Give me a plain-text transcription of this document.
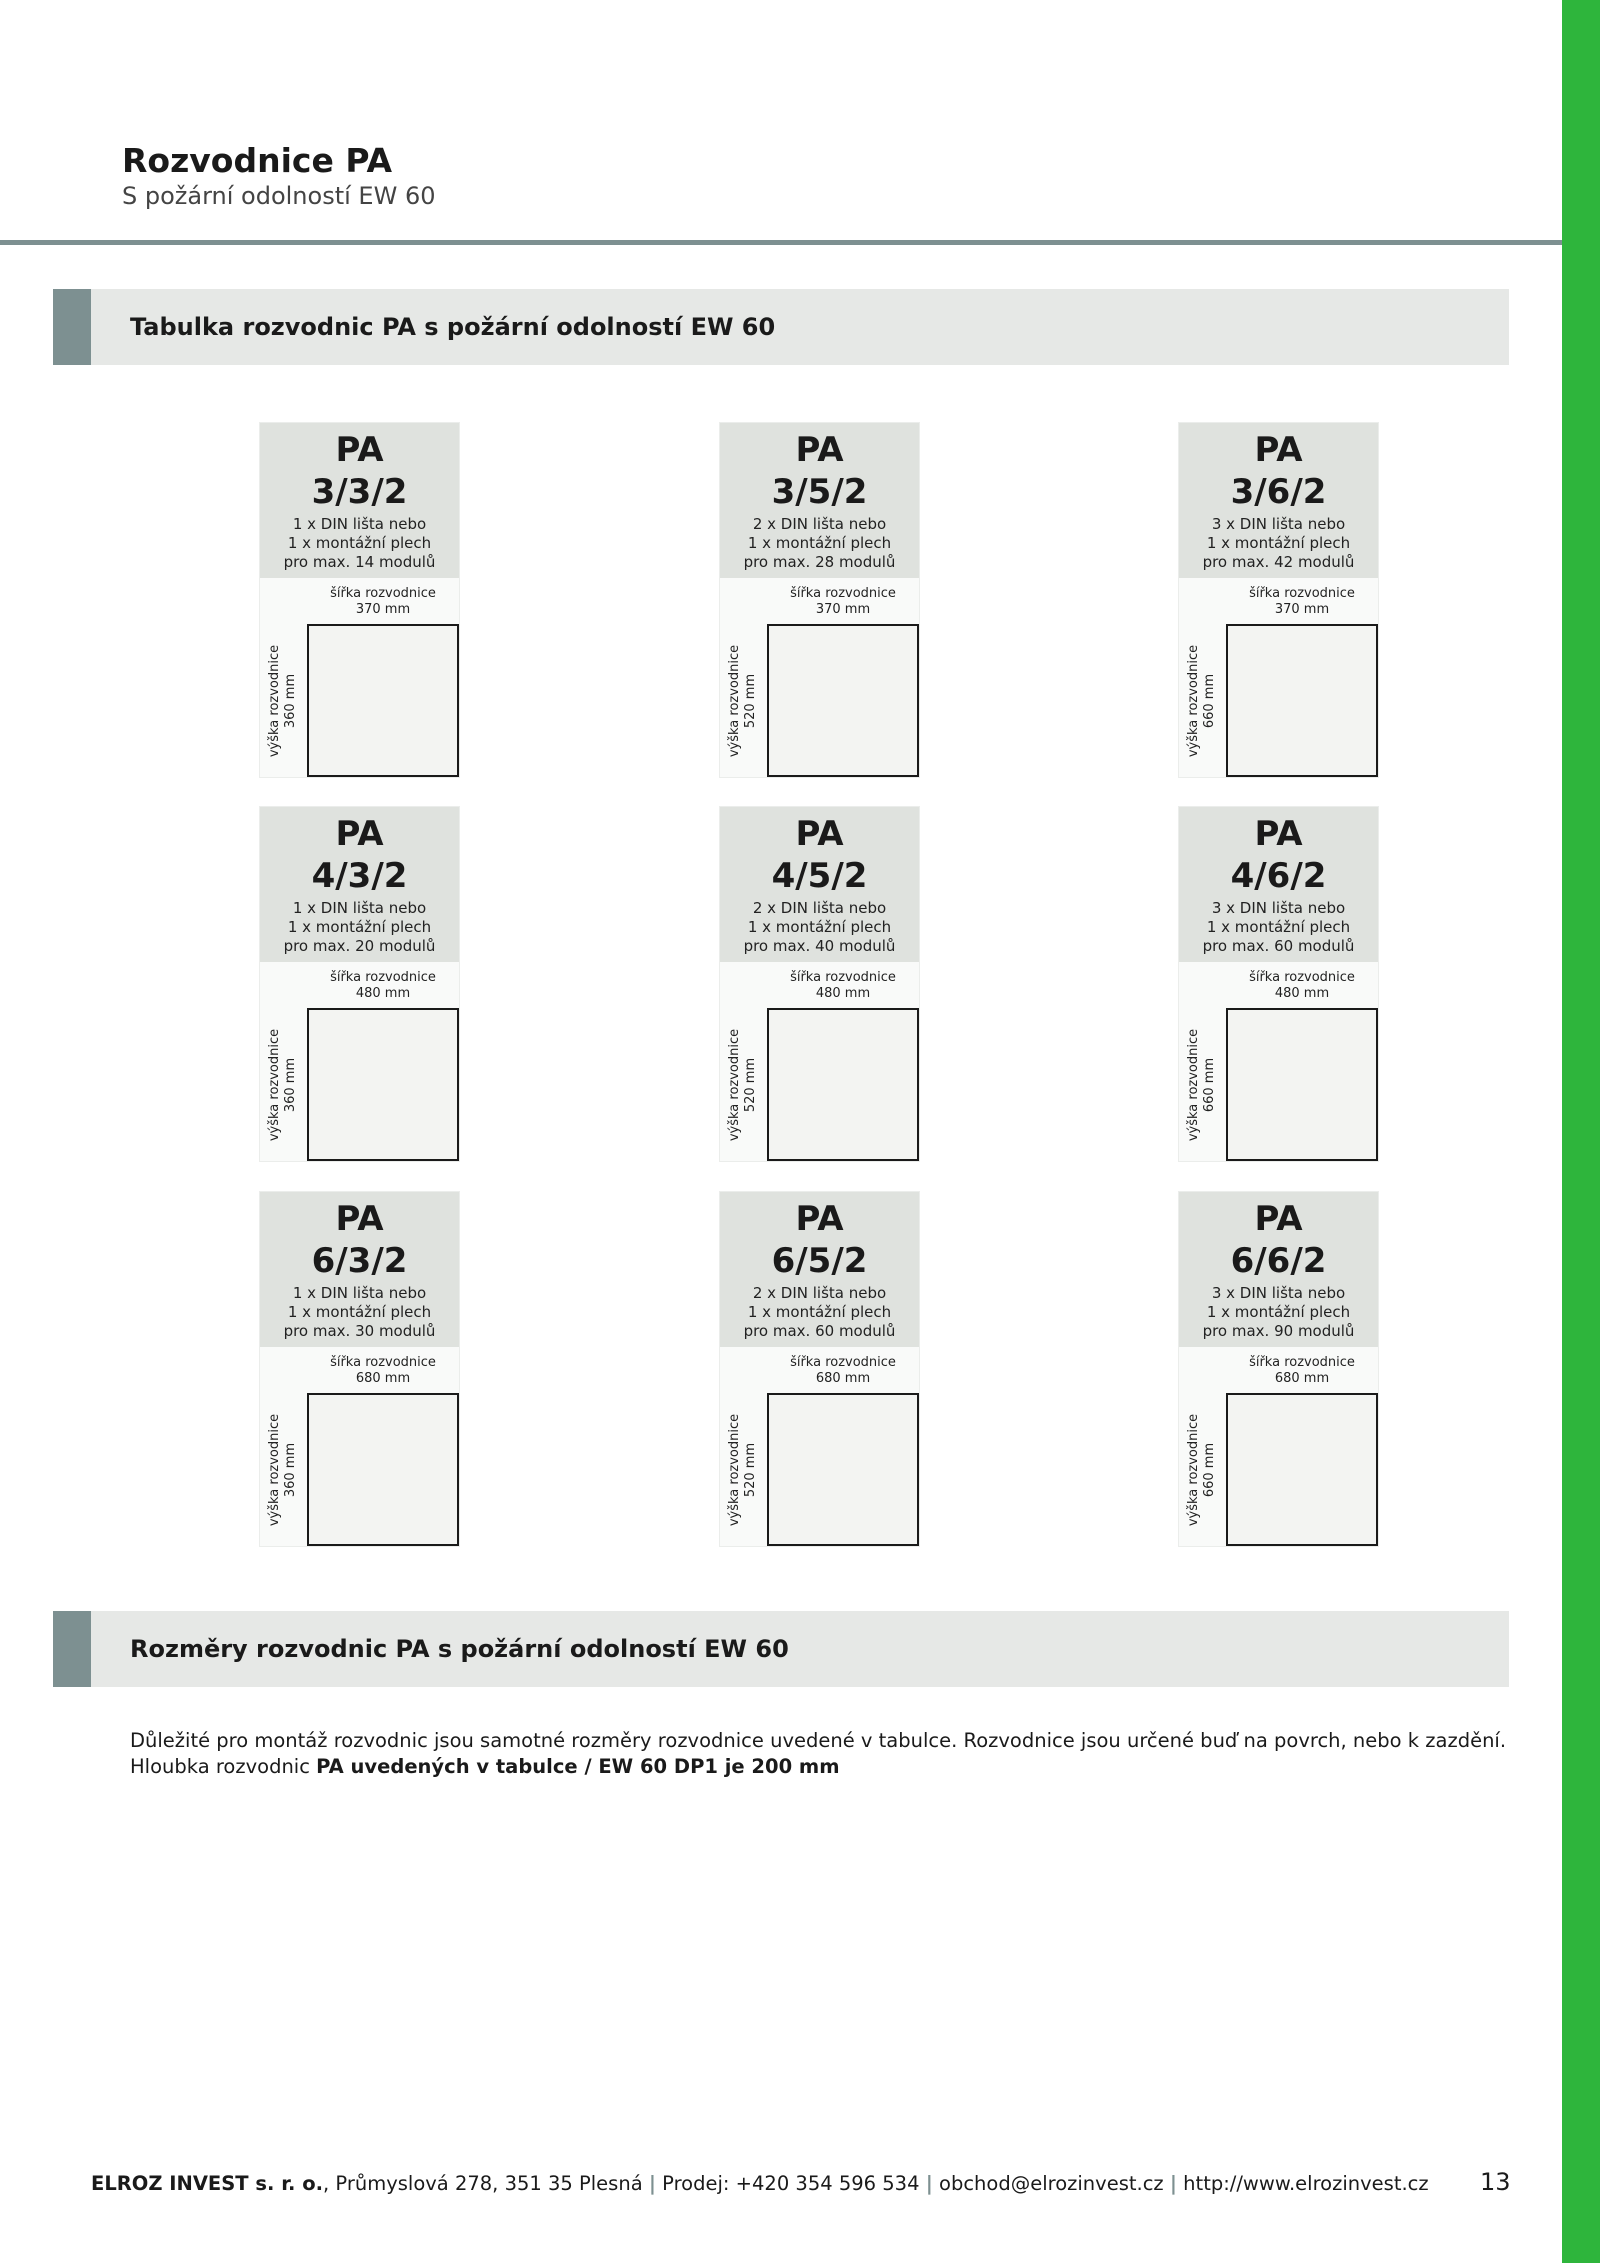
Rozvodnice PA
S požární odolností EW 60
Tabulka rozvodnic PA s požární odolností EW 60
PA
3/3/2
1 x DIN lišta nebo
1 x montážní plech
pro max. 14 modulů
šířka rozvodnice
370 mm
výška rozvodnice 360 mm
PA
3/5/2
2 x DIN lišta nebo
1 x montážní plech
pro max. 28 modulů
šířka rozvodnice
370 mm
výška rozvodnice 520 mm
PA
3/6/2
3 x DIN lišta nebo
1 x montážní plech
pro max. 42 modulů
šířka rozvodnice
370 mm
výška rozvodnice 660 mm
PA
4/3/2
1 x DIN lišta nebo
1 x montážní plech
pro max. 20 modulů
šířka rozvodnice
480 mm
výška rozvodnice 360 mm
PA
4/5/2
2 x DIN lišta nebo
1 x montážní plech
pro max. 40 modulů
šířka rozvodnice
480 mm
výška rozvodnice 520 mm
PA
4/6/2
3 x DIN lišta nebo
1 x montážní plech
pro max. 60 modulů
šířka rozvodnice
480 mm
výška rozvodnice 660 mm
PA
6/3/2
1 x DIN lišta nebo
1 x montážní plech
pro max. 30 modulů
šířka rozvodnice
680 mm
výška rozvodnice 360 mm
PA
6/5/2
2 x DIN lišta nebo
1 x montážní plech
pro max. 60 modulů
šířka rozvodnice
680 mm
výška rozvodnice 520 mm
PA
6/6/2
3 x DIN lišta nebo
1 x montážní plech
pro max. 90 modulů
šířka rozvodnice
680 mm
výška rozvodnice 660 mm
Rozměry rozvodnic PA s požární odolností EW 60
Důležité pro montáž rozvodnic jsou samotné rozměry rozvodnice uvedené v tabulce. Rozvodnice jsou určené buď na povrch, nebo k zazdění.
Hloubka rozvodnic PA uvedených v tabulce / EW 60 DP1 je 200 mm
ELROZ INVEST s. r. o., Průmyslová 278, 351 35 Plesná | Prodej: +420 354 596 534 | obchod@elrozinvest.cz | http://www.elrozinvest.cz 13
